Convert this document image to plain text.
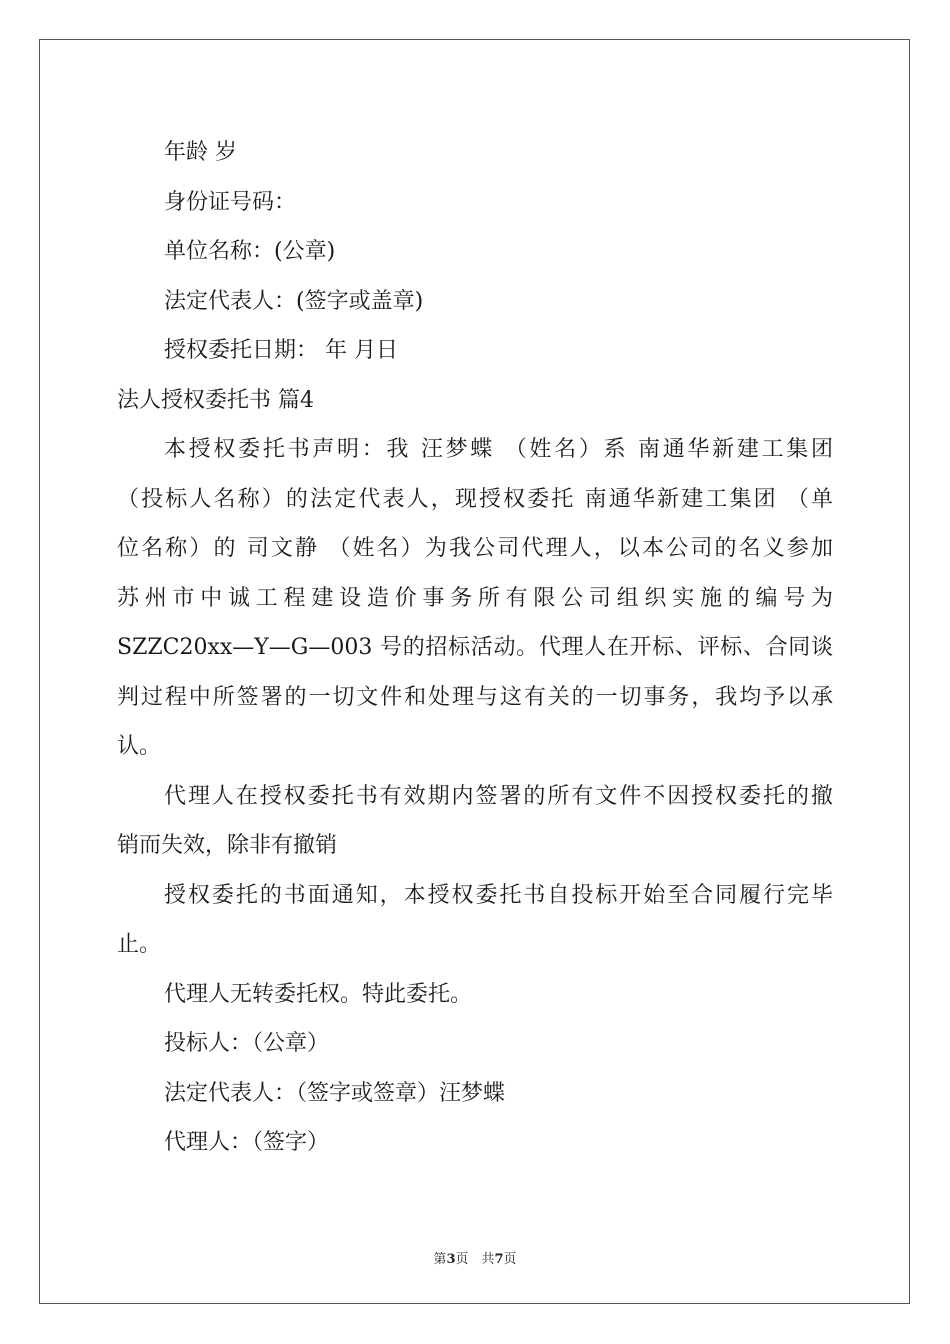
年龄 岁

身份证号码：

单位名称：(公章)

法定代表人：(签字或盖章)

授权委托日期： 年 月日

法人授权委托书 篇4

本授权委托书声明：我 汪梦蝶 （姓名）系 南通华新建工集团
（投标人名称）的法定代表人，现授权委托 南通华新建工集团 （单
位名称）的 司文静 （姓名）为我公司代理人，以本公司的名义参加
苏州市中诚工程建设造价事务所有限公司组织实施的编号为
SZZC20xx—Y—G—003 号的招标活动。代理人在开标、评标、合同谈
判过程中所签署的一切文件和处理与这有关的一切事务，我均予以承
认。
代理人在授权委托书有效期内签署的所有文件不因授权委托的撤
销而失效，除非有撤销
授权委托的书面通知，本授权委托书自投标开始至合同履行完毕
止。

代理人无转委托权。特此委托。

投标人：（公章）

法定代表人：（签字或签章）汪梦蝶

代理人：（签字）

第3页　共7页
